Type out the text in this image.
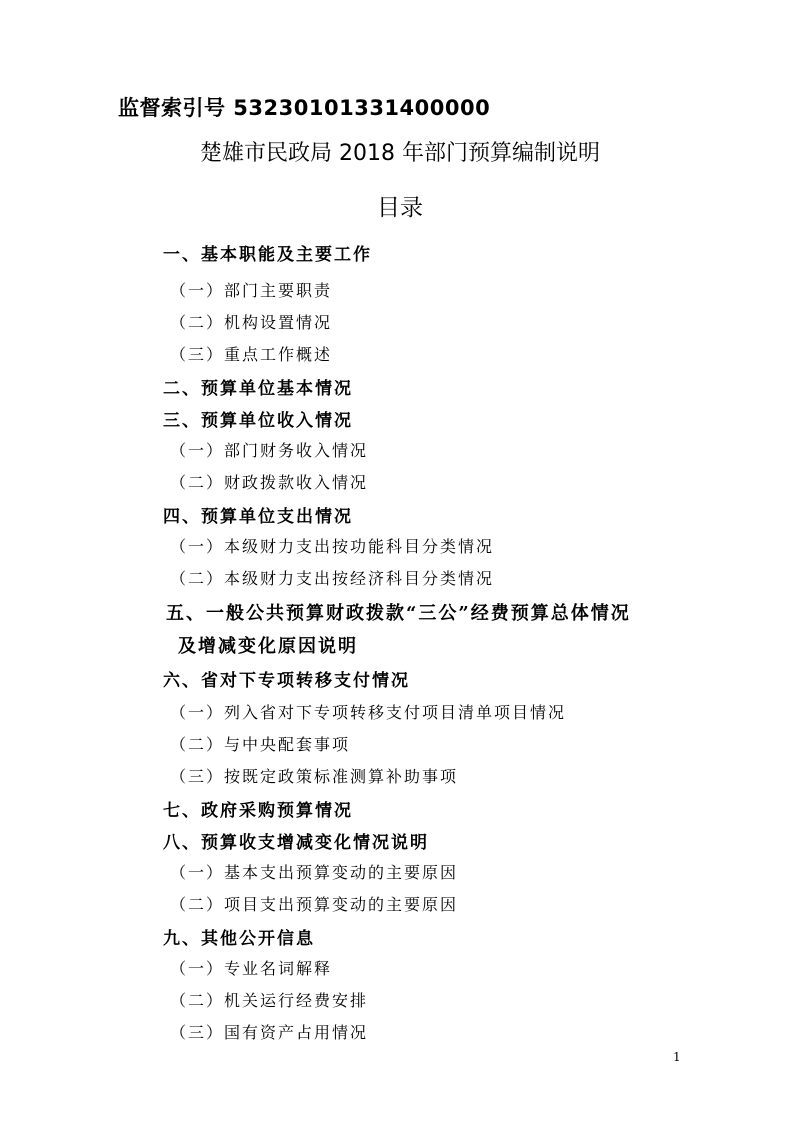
监督索引号 53230101331400000
楚雄市民政局 2018 年部门预算编制说明
目录
一、基本职能及主要工作
（一）部门主要职责
（二）机构设置情况
（三）重点工作概述
二、预算单位基本情况
三、预算单位收入情况
（一）部门财务收入情况
（二）财政拨款收入情况
四、预算单位支出情况
（一）本级财力支出按功能科目分类情况
（二）本级财力支出按经济科目分类情况
五、一般公共预算财政拨款“三公”经费预算总体情况
及增减变化原因说明
六、省对下专项转移支付情况
（一）列入省对下专项转移支付项目清单项目情况
（二）与中央配套事项
（三）按既定政策标准测算补助事项
七、政府采购预算情况
八、预算收支增减变化情况说明
（一）基本支出预算变动的主要原因
（二）项目支出预算变动的主要原因
九、其他公开信息
（一）专业名词解释
（二）机关运行经费安排
（三）国有资产占用情况
1
